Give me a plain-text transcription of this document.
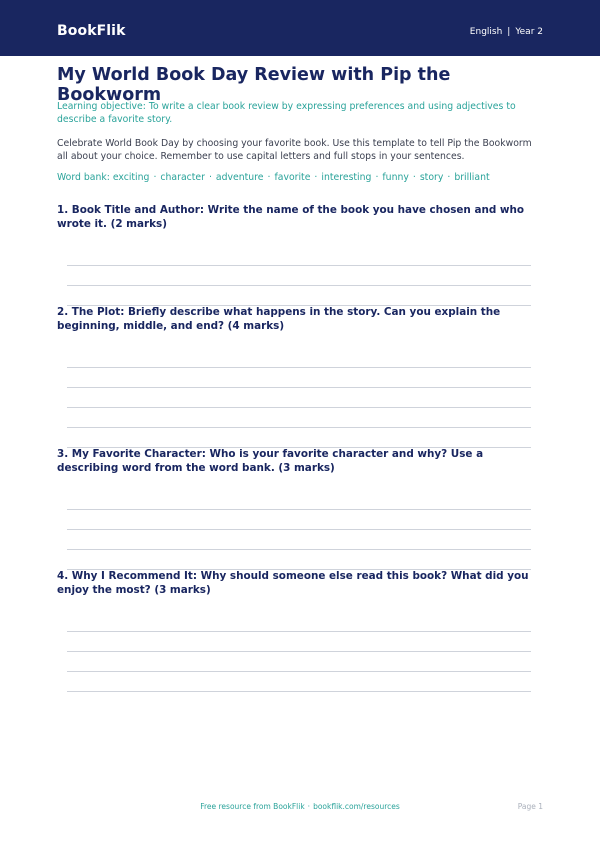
BookFlik	English | Year 2
My World Book Day Review with Pip the Bookworm

Learning objective: To write a clear book review by expressing preferences and using adjectives to describe a favorite story.

Celebrate World Book Day by choosing your favorite book. Use this template to tell Pip the Bookworm all about your choice. Remember to use capital letters and full stops in your sentences.

Word bank: exciting · character · adventure · favorite · interesting · funny · story · brilliant

1. Book Title and Author: Write the name of the book you have chosen and who wrote it. (2 marks)

2. The Plot: Briefly describe what happens in the story. Can you explain the beginning, middle, and end? (4 marks)

3. My Favorite Character: Who is your favorite character and why? Use a describing word from the word bank. (3 marks)

4. Why I Recommend It: Why should someone else read this book? What did you enjoy the most? (3 marks)

Free resource from BookFlik · bookflik.com/resources	Page 1
